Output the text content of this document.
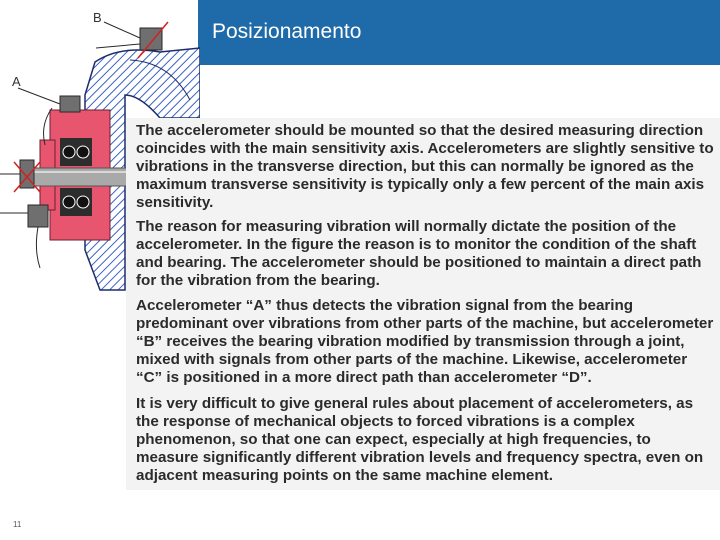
Posizionamento
A
B

The accelerometer should be mounted so that the desired measuring direction coincides with the main sensitivity axis. Accelerometers are slightly sensitive to vibrations in the transverse direction, but this can normally be ignored as the maximum transverse sensitivity is typically only a few percent of the main axis sensitivity.

The reason for measuring vibration will normally dictate the position of the accelerometer. In the figure the reason is to monitor the condition of the shaft and bearing. The accelerometer should be positioned to maintain a direct path for the vibration from the bearing.

Accelerometer “A” thus detects the vibration signal from the bearing predominant over vibrations from other parts of the machine, but accelerometer “B” receives the bearing vibration modified by transmission through a joint, mixed with signals from other parts of the machine. Likewise, accelerometer “C” is positioned in a more direct path than accelerometer “D”.

It is very difficult to give general rules about placement of accelerometers, as the response of mechanical objects to forced vibrations is a complex phenomenon, so that one can expect, especially at high frequencies, to measure significantly different vibration levels and frequency spectra, even on adjacent measuring points on the same machine element.

11
